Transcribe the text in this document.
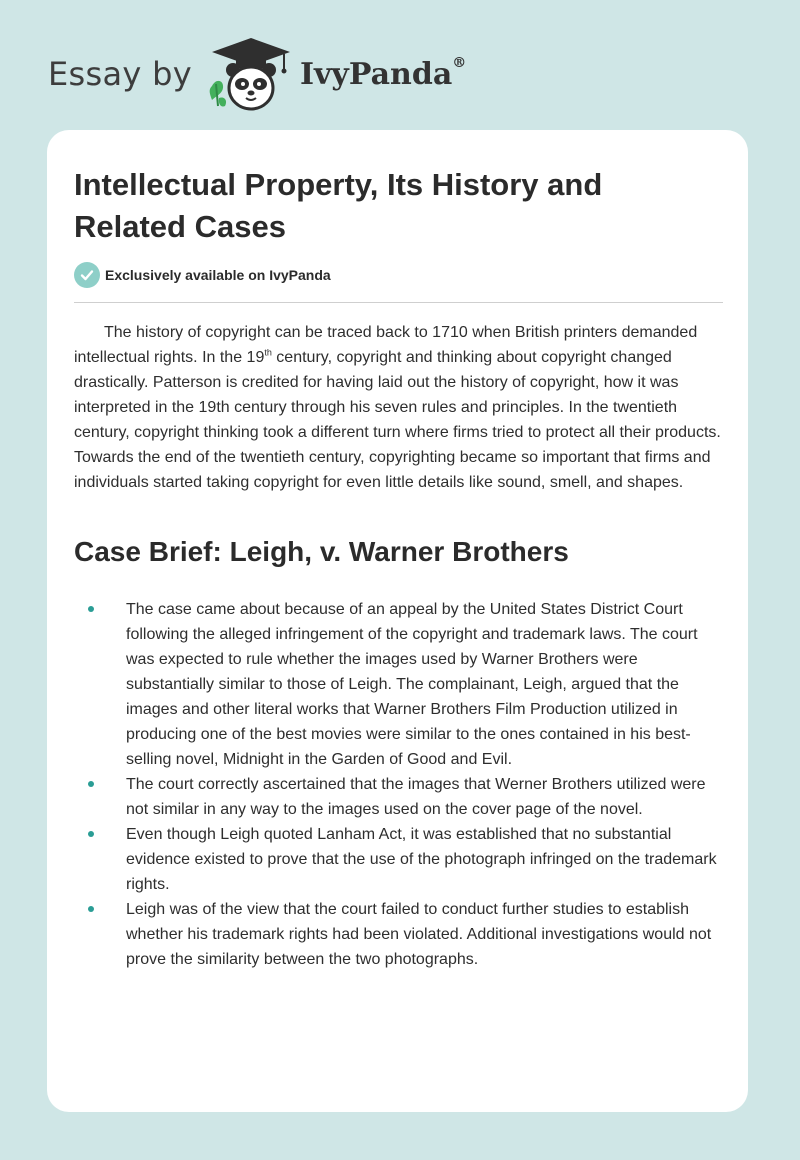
Essay by	IvyPanda®
Intellectual Property, Its History and Related Cases
Exclusively available on IvyPanda

The history of copyright can be traced back to 1710 when British printers demanded intellectual rights. In the 19th century, copyright and thinking about copyright changed drastically. Patterson is credited for having laid out the history of copyright, how it was interpreted in the 19th century through his seven rules and principles. In the twentieth century, copyright thinking took a different turn where firms tried to protect all their products. Towards the end of the twentieth century, copyrighting became so important that firms and individuals started taking copyright for even little details like sound, smell, and shapes.

Case Brief: Leigh, v. Warner Brothers
The case came about because of an appeal by the United States District Court following the alleged infringement of the copyright and trademark laws. The court was expected to rule whether the images used by Warner Brothers were substantially similar to those of Leigh. The complainant, Leigh, argued that the images and other literal works that Warner Brothers Film Production utilized in producing one of the best movies were similar to the ones contained in his best-selling novel, Midnight in the Garden of Good and Evil.
The court correctly ascertained that the images that Werner Brothers utilized were not similar in any way to the images used on the cover page of the novel.
Even though Leigh quoted Lanham Act, it was established that no substantial evidence existed to prove that the use of the photograph infringed on the trademark rights.
Leigh was of the view that the court failed to conduct further studies to establish whether his trademark rights had been violated. Additional investigations would not prove the similarity between the two photographs.
